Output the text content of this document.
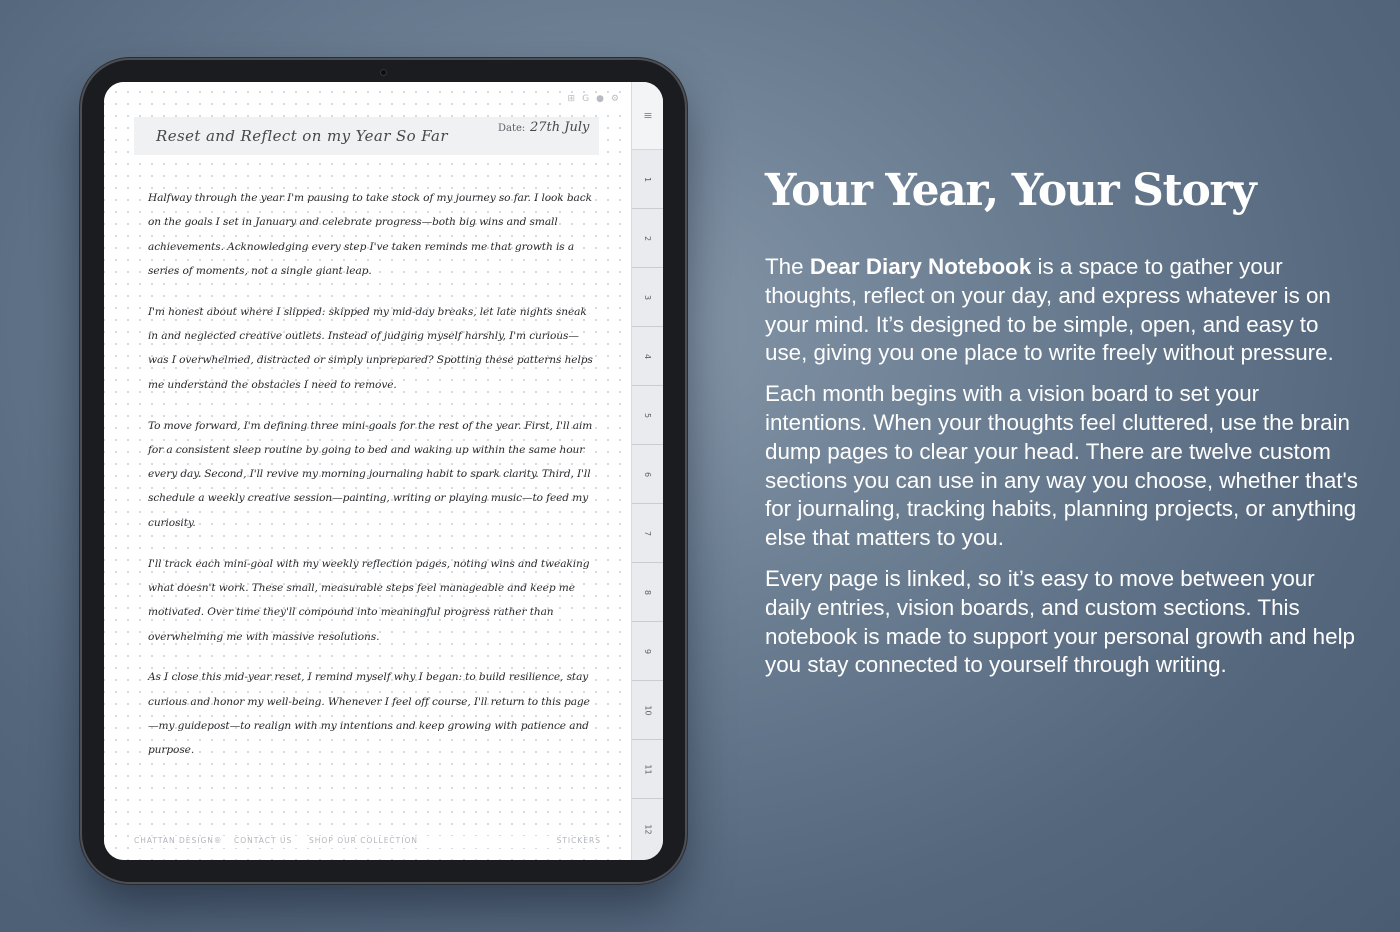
⊞ G ● ⚙
Reset and Reflect on my Year So Far	Date: 27th July

Halfway through the year I'm pausing to take stock of my journey so far. I look back on the goals I set in January and celebrate progress—both big wins and small achievements. Acknowledging every step I've taken reminds me that growth is a series of moments, not a single giant leap.

I'm honest about where I slipped: skipped my mid-day breaks, let late nights sneak in and neglected creative outlets. Instead of judging myself harshly, I'm curious—was I overwhelmed, distracted or simply unprepared? Spotting these patterns helps me understand the obstacles I need to remove.

To move forward, I'm defining three mini-goals for the rest of the year. First, I'll aim for a consistent sleep routine by going to bed and waking up within the same hour every day. Second, I'll revive my morning journaling habit to spark clarity. Third, I'll schedule a weekly creative session—painting, writing or playing music—to feed my curiosity.

I'll track each mini-goal with my weekly reflection pages, noting wins and tweaking what doesn't work. These small, measurable steps feel manageable and keep me motivated. Over time they'll compound into meaningful progress rather than overwhelming me with massive resolutions.

As I close this mid-year reset, I remind myself why I began: to build resilience, stay curious and honor my well-being. Whenever I feel off course, I'll return to this page—my guidepost—to realign with my intentions and keep growing with patience and purpose.

CHATTAN DESIGN® CONTACT US SHOP OUR COLLECTION	STICKERS
≡
1
2
3
4
5
6
7
8
9
10
11
12
Your Year, Your Story

The Dear Diary Notebook is a space to gather your thoughts, reflect on your day, and express whatever is on your mind. It’s designed to be simple, open, and easy to use, giving you one place to write freely without pressure.

Each month begins with a vision board to set your intentions. When your thoughts feel cluttered, use the brain dump pages to clear your head. There are twelve custom sections you can use in any way you choose, whether that's for journaling, tracking habits, planning projects, or anything else that matters to you.

Every page is linked, so it’s easy to move between your daily entries, vision boards, and custom sections. This notebook is made to support your personal growth and help you stay connected to yourself through writing.
